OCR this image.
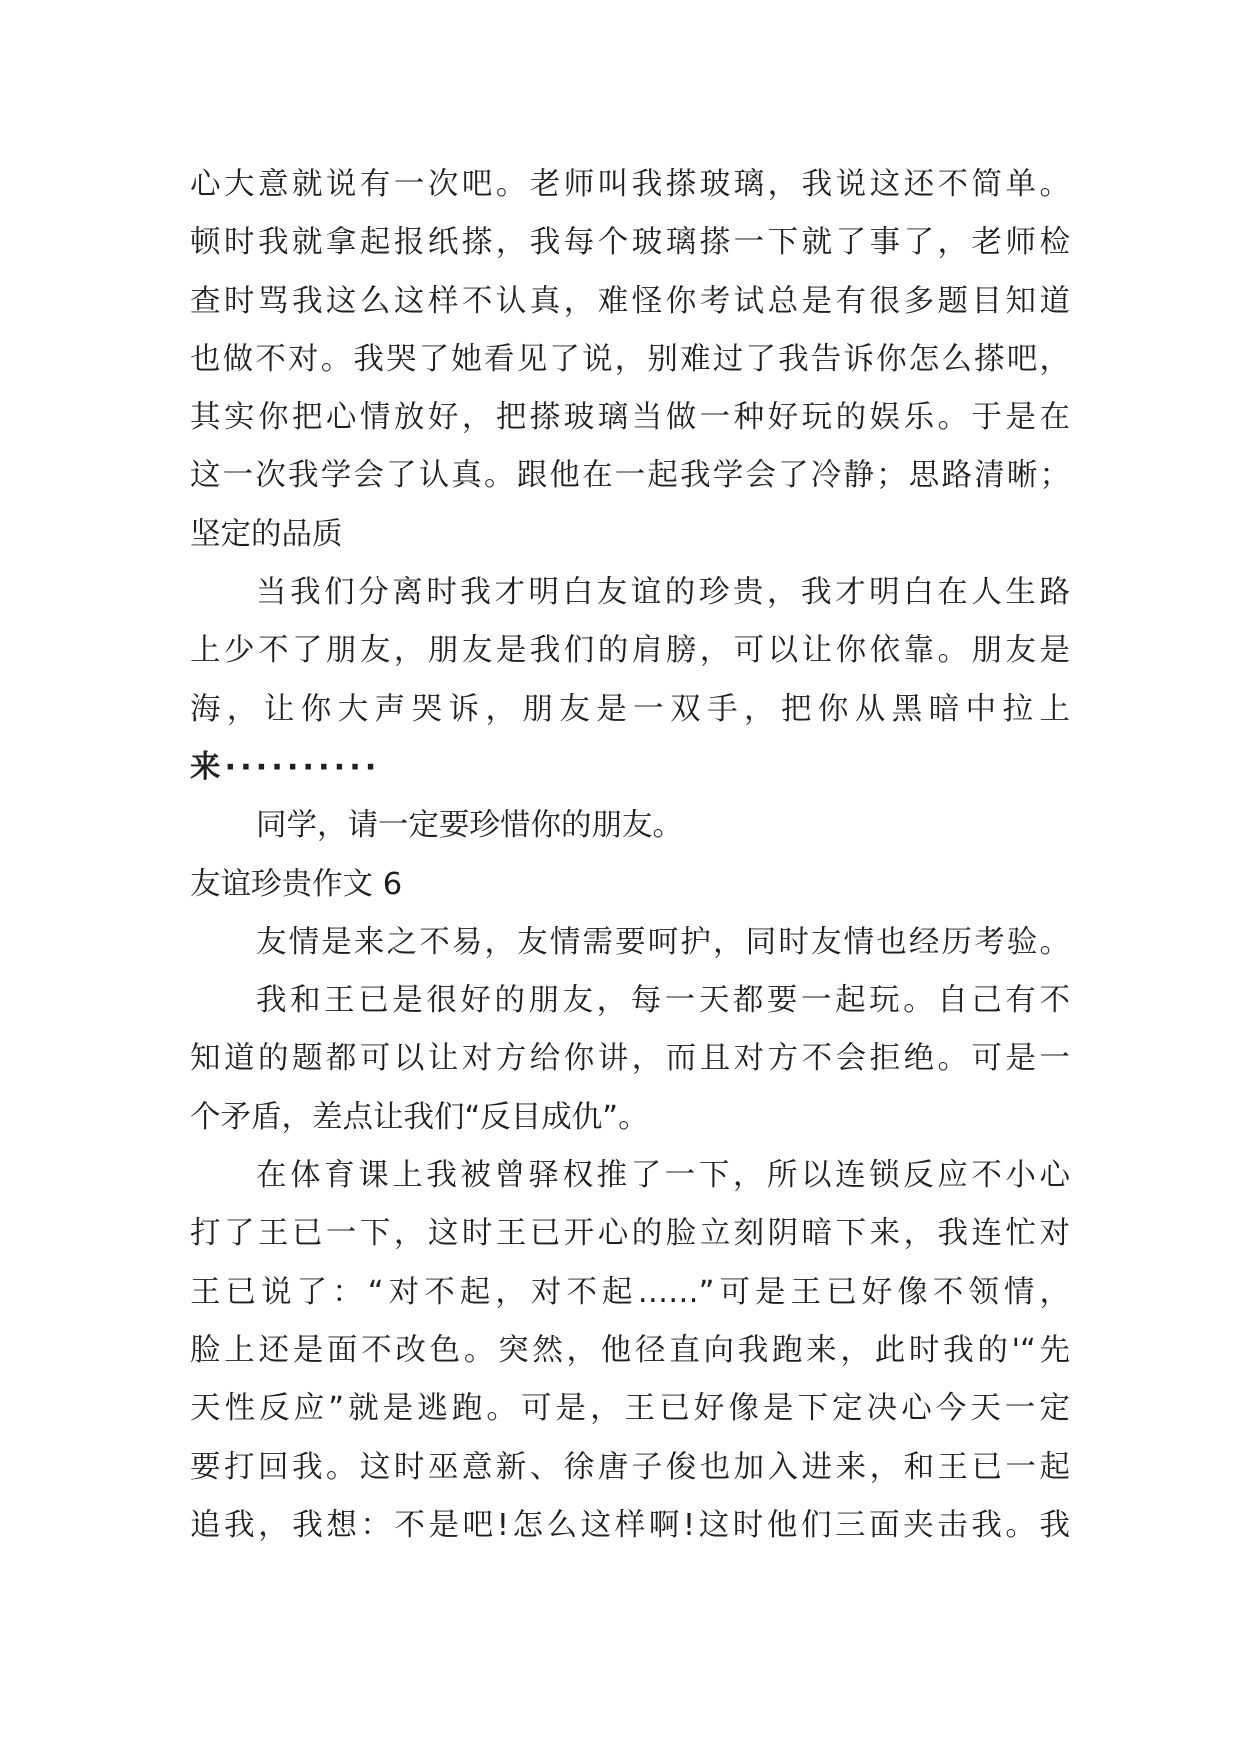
心大意就说有一次吧。老师叫我搽玻璃，我说这还不简单。
顿时我就拿起报纸搽，我每个玻璃搽一下就了事了，老师检
查时骂我这么这样不认真，难怪你考试总是有很多题目知道
也做不对。我哭了她看见了说，别难过了我告诉你怎么搽吧，
其实你把心情放好，把搽玻璃当做一种好玩的娱乐。于是在
这一次我学会了认真。跟他在一起我学会了冷静；思路清晰；
坚定的品质
当我们分离时我才明白友谊的珍贵，我才明白在人生路
上少不了朋友，朋友是我们的肩膀，可以让你依靠。朋友是
海，让你大声哭诉，朋友是一双手，把你从黑暗中拉上
来··········
同学，请一定要珍惜你的朋友。
友谊珍贵作文 6
友情是来之不易，友情需要呵护，同时友情也经历考验。
我和王已是很好的朋友，每一天都要一起玩。自己有不
知道的题都可以让对方给你讲，而且对方不会拒绝。可是一
个矛盾，差点让我们“反目成仇”。
在体育课上我被曾驿权推了一下，所以连锁反应不小心
打了王已一下，这时王已开心的脸立刻阴暗下来，我连忙对
王已说了：“对不起，对不起……”可是王已好像不领情，
脸上还是面不改色。突然，他径直向我跑来，此时我的'“先
天性反应”就是逃跑。可是，王已好像是下定决心今天一定
要打回我。这时巫意新、徐唐子俊也加入进来，和王已一起
追我，我想：不是吧!怎么这样啊!这时他们三面夹击我。我
